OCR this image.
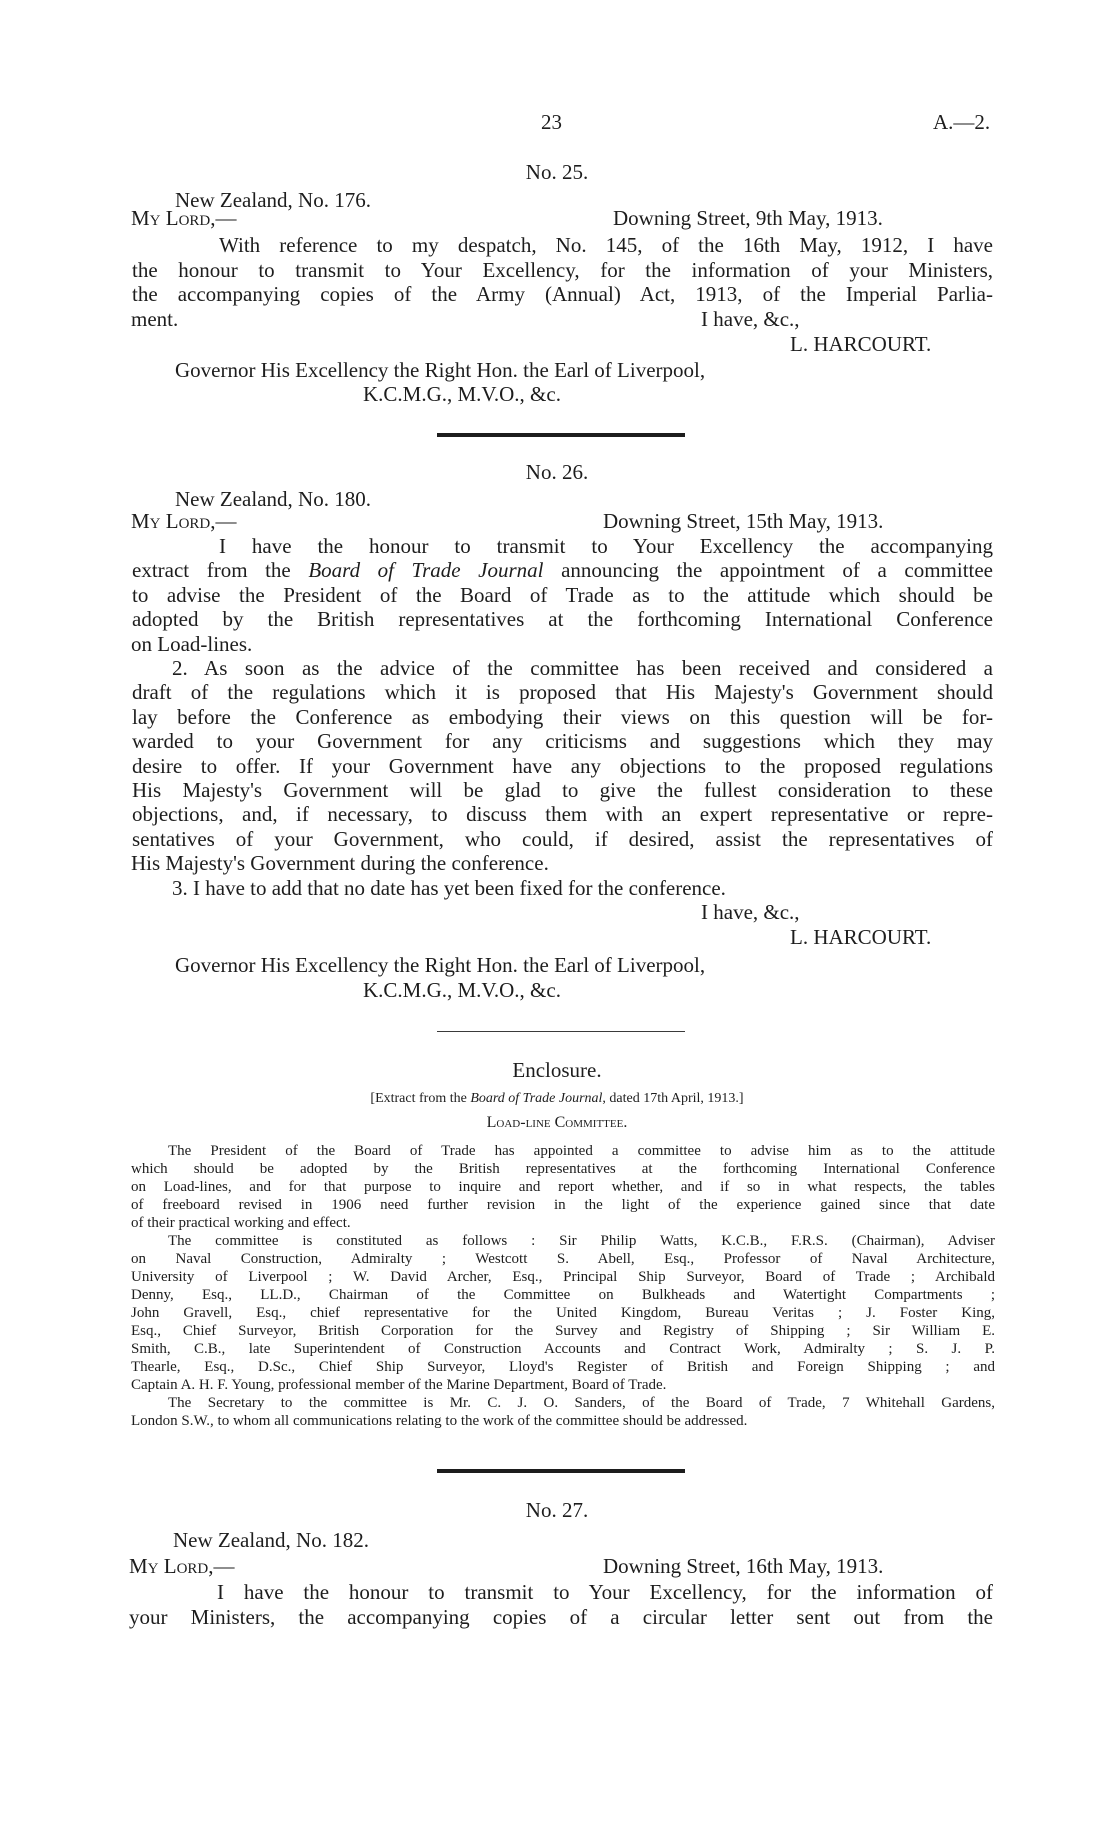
23	A.—2.
No. 25.
New Zealand, No. 176.
My Lord,—	Downing Street, 9th May, 1913.
With reference to my despatch, No. 145, of the 16th May, 1912, I have
the honour to transmit to Your Excellency, for the information of your Ministers,
the accompanying copies of the Army (Annual) Act, 1913, of the Imperial Parlia-
ment.	I have, &c.,
L. HARCOURT.
Governor His Excellency the Right Hon. the Earl of Liverpool,
K.C.M.G., M.V.O., &c.
No. 26.
New Zealand, No. 180.
My Lord,—	Downing Street, 15th May, 1913.
I have the honour to transmit to Your Excellency the accompanying
extract from the Board of Trade Journal announcing the appointment of a committee
to advise the President of the Board of Trade as to the attitude which should be
adopted by the British representatives at the forthcoming International Conference
on Load-lines.
2. As soon as the advice of the committee has been received and considered a
draft of the regulations which it is proposed that His Majesty's Government should
lay before the Conference as embodying their views on this question will be for-
warded to your Government for any criticisms and suggestions which they may
desire to offer. If your Government have any objections to the proposed regulations
His Majesty's Government will be glad to give the fullest consideration to these
objections, and, if necessary, to discuss them with an expert representative or repre-
sentatives of your Government, who could, if desired, assist the representatives of
His Majesty's Government during the conference.
3. I have to add that no date has yet been fixed for the conference.
I have, &c.,
L. HARCOURT.
Governor His Excellency the Right Hon. the Earl of Liverpool,
K.C.M.G., M.V.O., &c.
Enclosure.
[Extract from the Board of Trade Journal, dated 17th April, 1913.]
Load-line Committee.
The President of the Board of Trade has appointed a committee to advise him as to the attitude
which should be adopted by the British representatives at the forthcoming International Conference
on Load-lines, and for that purpose to inquire and report whether, and if so in what respects, the tables
of freeboard revised in 1906 need further revision in the light of the experience gained since that date
of their practical working and effect.
The committee is constituted as follows : Sir Philip Watts, K.C.B., F.R.S. (Chairman), Adviser
on Naval Construction, Admiralty ; Westcott S. Abell, Esq., Professor of Naval Architecture,
University of Liverpool ; W. David Archer, Esq., Principal Ship Surveyor, Board of Trade ; Archibald
Denny, Esq., LL.D., Chairman of the Committee on Bulkheads and Watertight Compartments ;
John Gravell, Esq., chief representative for the United Kingdom, Bureau Veritas ; J. Foster King,
Esq., Chief Surveyor, British Corporation for the Survey and Registry of Shipping ; Sir William E.
Smith, C.B., late Superintendent of Construction Accounts and Contract Work, Admiralty ; S. J. P.
Thearle, Esq., D.Sc., Chief Ship Surveyor, Lloyd's Register of British and Foreign Shipping ; and
Captain A. H. F. Young, professional member of the Marine Department, Board of Trade.
The Secretary to the committee is Mr. C. J. O. Sanders, of the Board of Trade, 7 Whitehall Gardens,
London S.W., to whom all communications relating to the work of the committee should be addressed.
No. 27.
New Zealand, No. 182.
My Lord,—	Downing Street, 16th May, 1913.
I have the honour to transmit to Your Excellency, for the information of
your Ministers, the accompanying copies of a circular letter sent out from the
